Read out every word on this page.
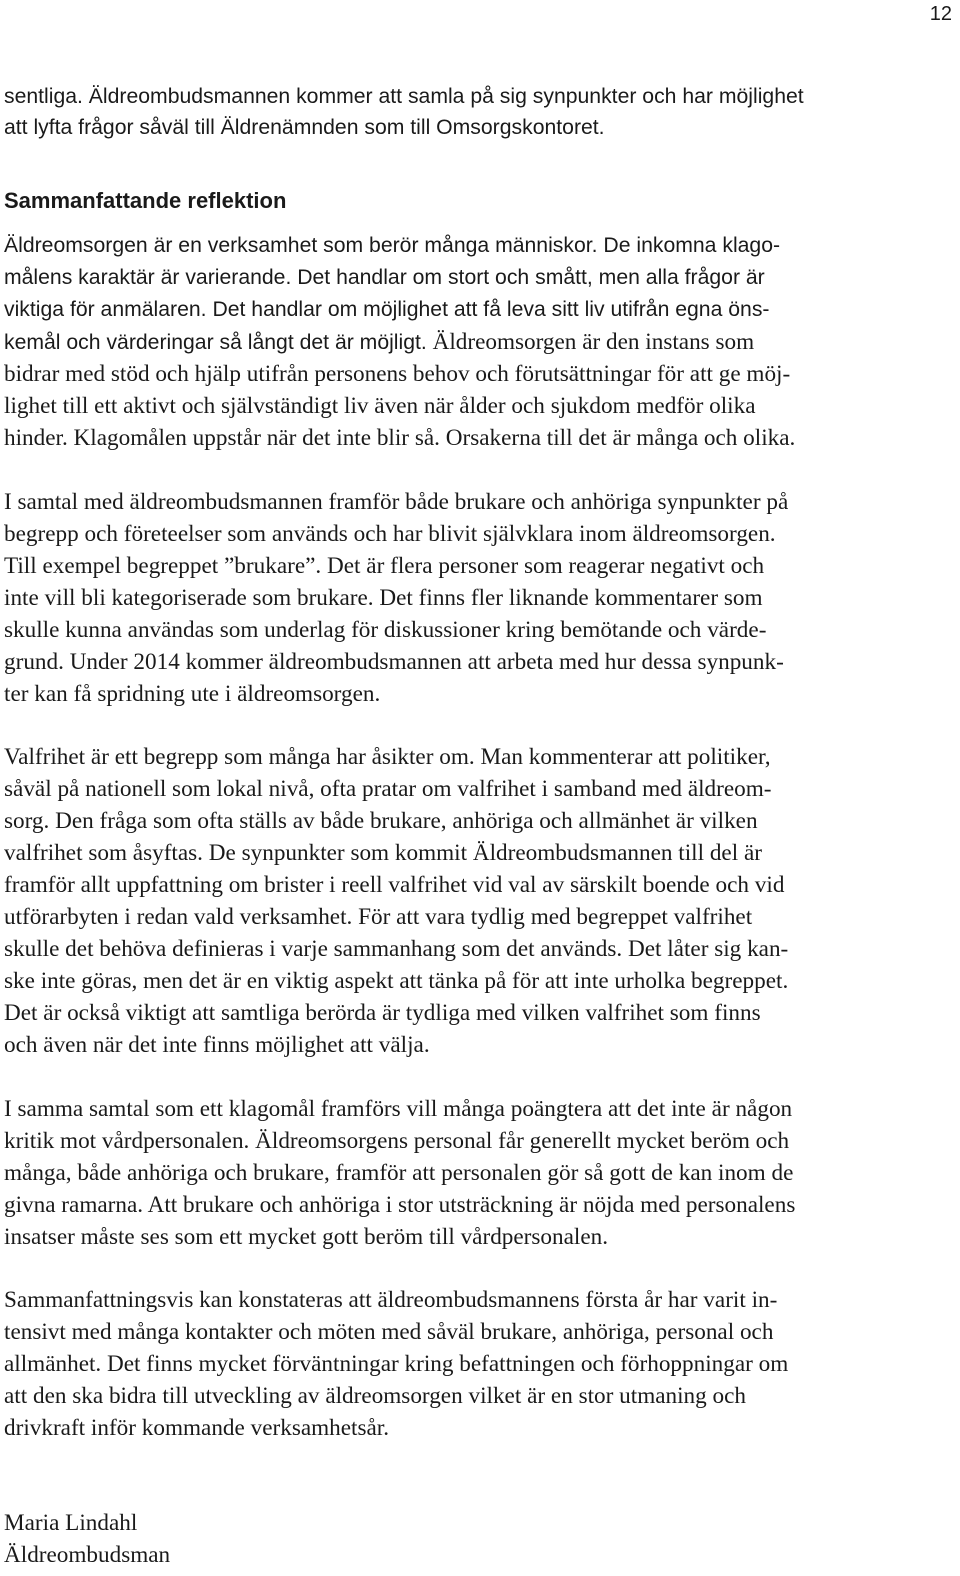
12
sentliga. Äldreombudsmannen kommer att samla på sig synpunkter och har möjlighet
att lyfta frågor såväl till Äldrenämnden som till Omsorgskontoret.
Sammanfattande reflektion
Äldreomsorgen är en verksamhet som berör många människor. De inkomna klago-
målens karaktär är varierande. Det handlar om stort och smått, men alla frågor är
viktiga för anmälaren. Det handlar om möjlighet att få leva sitt liv utifrån egna öns-
kemål och värderingar så långt det är möjligt. Äldreomsorgen är den instans som
bidrar med stöd och hjälp utifrån personens behov och förutsättningar för att ge möj-
lighet till ett aktivt och självständigt liv även när ålder och sjukdom medför olika
hinder. Klagomålen uppstår när det inte blir så. Orsakerna till det är många och olika.
I samtal med äldreombudsmannen framför både brukare och anhöriga synpunkter på
begrepp och företeelser som används och har blivit självklara inom äldreomsorgen.
Till exempel begreppet ”brukare”. Det är flera personer som reagerar negativt och
inte vill bli kategoriserade som brukare. Det finns fler liknande kommentarer som
skulle kunna användas som underlag för diskussioner kring bemötande och värde-
grund. Under 2014 kommer äldreombudsmannen att arbeta med hur dessa synpunk-
ter kan få spridning ute i äldreomsorgen.
Valfrihet är ett begrepp som många har åsikter om. Man kommenterar att politiker,
såväl på nationell som lokal nivå, ofta pratar om valfrihet i samband med äldreom-
sorg. Den fråga som ofta ställs av både brukare, anhöriga och allmänhet är vilken
valfrihet som åsyftas. De synpunkter som kommit Äldreombudsmannen till del är
framför allt uppfattning om brister i reell valfrihet vid val av särskilt boende och vid
utförarbyten i redan vald verksamhet. För att vara tydlig med begreppet valfrihet
skulle det behöva definieras i varje sammanhang som det används. Det låter sig kan-
ske inte göras, men det är en viktig aspekt att tänka på för att inte urholka begreppet.
Det är också viktigt att samtliga berörda är tydliga med vilken valfrihet som finns
och även när det inte finns möjlighet att välja.
I samma samtal som ett klagomål framförs vill många poängtera att det inte är någon
kritik mot vårdpersonalen. Äldreomsorgens personal får generellt mycket beröm och
många, både anhöriga och brukare, framför att personalen gör så gott de kan inom de
givna ramarna. Att brukare och anhöriga i stor utsträckning är nöjda med personalens
insatser måste ses som ett mycket gott beröm till vårdpersonalen.
Sammanfattningsvis kan konstateras att äldreombudsmannens första år har varit in-
tensivt med många kontakter och möten med såväl brukare, anhöriga, personal och
allmänhet. Det finns mycket förväntningar kring befattningen och förhoppningar om
att den ska bidra till utveckling av äldreomsorgen vilket är en stor utmaning och
drivkraft inför kommande verksamhetsår.
Maria Lindahl
Äldreombudsman
